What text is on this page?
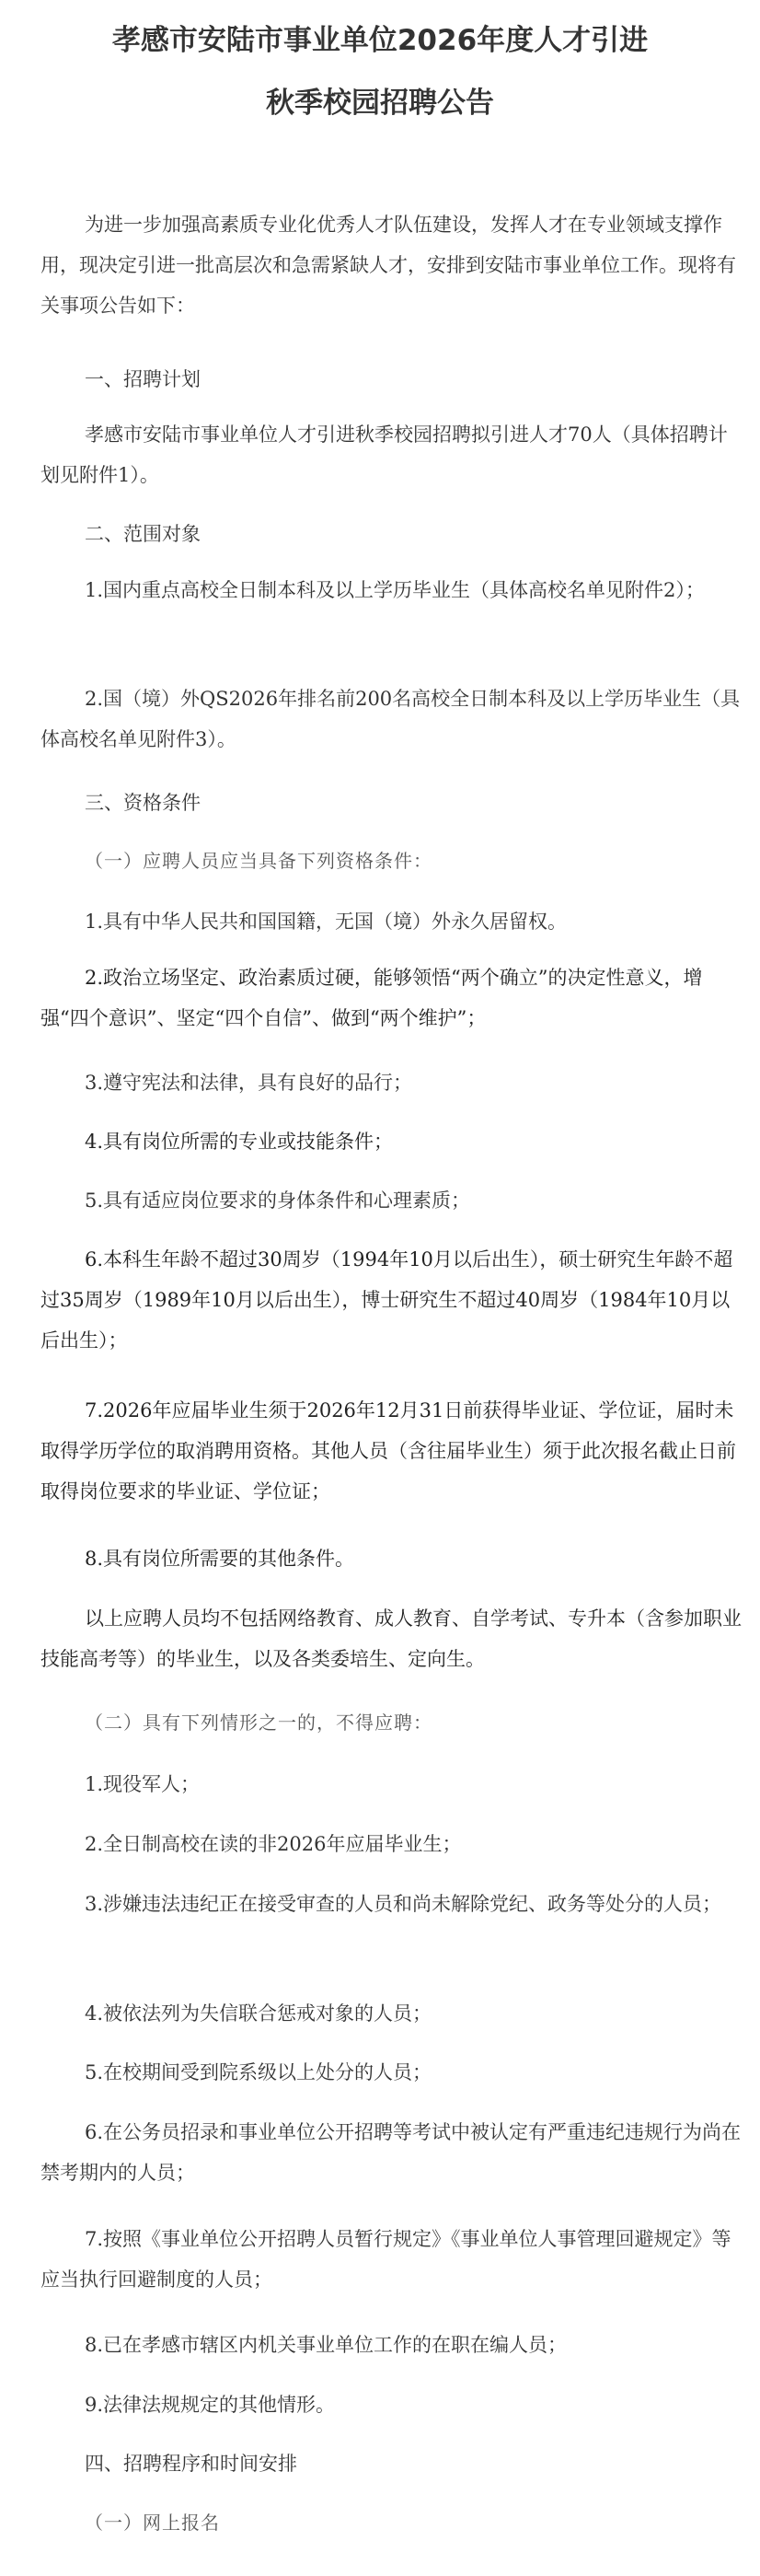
孝感市安陆市事业单位2026年度人才引进
秋季校园招聘公告

为进一步加强高素质专业化优秀人才队伍建设，发挥人才在专业领域支撑作用，现决定引进一批高层次和急需紧缺人才，安排到安陆市事业单位工作。现将有关事项公告如下：

一、招聘计划

孝感市安陆市事业单位人才引进秋季校园招聘拟引进人才70人（具体招聘计划见附件1）。

二、范围对象

1.国内重点高校全日制本科及以上学历毕业生（具体高校名单见附件2）；

2.国（境）外QS2026年排名前200名高校全日制本科及以上学历毕业生（具体高校名单见附件3）。

三、资格条件

（一）应聘人员应当具备下列资格条件：

1.具有中华人民共和国国籍，无国（境）外永久居留权。

2.政治立场坚定、政治素质过硬，能够领悟“两个确立”的决定性意义，增强“四个意识”、坚定“四个自信”、做到“两个维护”；

3.遵守宪法和法律，具有良好的品行；

4.具有岗位所需的专业或技能条件；

5.具有适应岗位要求的身体条件和心理素质；

6.本科生年龄不超过30周岁（1994年10月以后出生），硕士研究生年龄不超过35周岁（1989年10月以后出生），博士研究生不超过40周岁（1984年10月以后出生）；

7.2026年应届毕业生须于2026年12月31日前获得毕业证、学位证，届时未取得学历学位的取消聘用资格。其他人员（含往届毕业生）须于此次报名截止日前取得岗位要求的毕业证、学位证；

8.具有岗位所需要的其他条件。

以上应聘人员均不包括网络教育、成人教育、自学考试、专升本（含参加职业技能高考等）的毕业生，以及各类委培生、定向生。

（二）具有下列情形之一的，不得应聘：

1.现役军人；

2.全日制高校在读的非2026年应届毕业生；

3.涉嫌违法违纪正在接受审查的人员和尚未解除党纪、政务等处分的人员；

4.被依法列为失信联合惩戒对象的人员；

5.在校期间受到院系级以上处分的人员；

6.在公务员招录和事业单位公开招聘等考试中被认定有严重违纪违规行为尚在禁考期内的人员；

7.按照《事业单位公开招聘人员暂行规定》《事业单位人事管理回避规定》等应当执行回避制度的人员；

8.已在孝感市辖区内机关事业单位工作的在职在编人员；

9.法律法规规定的其他情形。

四、招聘程序和时间安排

（一）网上报名
